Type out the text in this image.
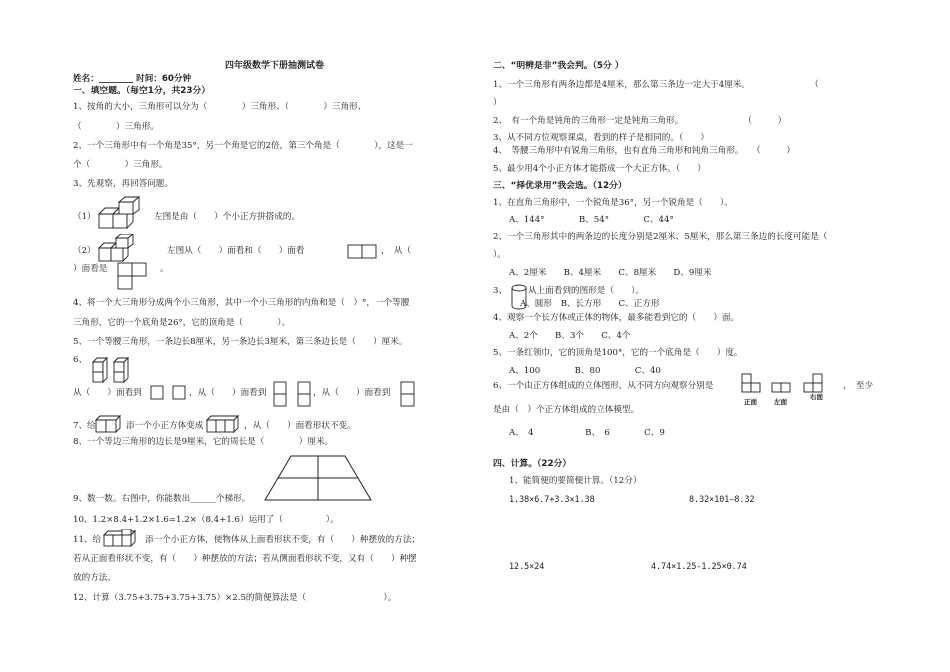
四年级数学下册抽测试卷
姓名：________ 时间：60分钟
一、填空题。（每空1分，共23分）
1、按角的大小，三角形可以分为（　　　　）三角形、（　　　　）三角形、
（　　　　）三角形。
2、一个三角形中有一个角是35°，另一个角是它的2倍，第三个角是（　　　　），这是一
个（　　　　）三角形。
3、先观察，再回答问题。
（1）	左图是由（　　）个小正方拼搭成的。
（2）	左图从（　　）面看和（　　）面看	，　从（
）面看是	。
4、将一个大三角形分成两个小三角形，其中一个小三角形的内角和是（　）°，一个等腰
三角形，它的一个底角是26°，它的顶角是（　　　　）。
5、一个等腰三角形，一条边长8厘米，另一条边长3厘米，第三条边长是（　　）厘米。
6、
从（　　）面看到	，从（　　）面看到	，从（　　）面看到
7、给	添一个小正方体变成	，从（　　）面看形状不变。
8、一个等边三角形的边长是9厘米，它的周长是（　　　　）厘米。
9、数一数。右图中，你能数出______个梯形。
10、1.2×8.4+1.2×1.6=1.2×（8.4+1.6）运用了（　　　　　）。
11、给	添一个小正方体，使物体从上面看形状不变，有（　　）种摆放的方法；
若从正面看形状不变，有（　　）种摆放的方法；若从侧面看形状不变，又有（　　）种摆
放的方法。
12、计算（3.75+3.75+3.75+3.75）×2.5的简便算法是（　　　　　　　　　）。
二、“明辨是非”我会判。（5分 ）
1、一个三角形有两条边都是4厘米，那么第三条边一定大于4厘米。　　　　　　　　（
）
2、　有一个角是钝角的三角形一定是钝角三角形。　　　　　　　　（　　　）
3、从不同方位观察课桌，看到的样子是相同的。（　　）
4、　等腰三角形中有锐角三角形，也有直角三角形和钝角三角形。　　（　　　）
5、最少用4个小正方体才能搭成一个大正方体。（　　）
三、“择优录用”我会选。（12分）
1、在直角三角形中，一个锐角是36°，另一个锐角是（　　）。
A、144°　　　　B、54°　　　　C、44°
2、一个三角形其中的两条边的长度分别是2厘米、5厘米，那么第三条边的长度可能是（
）。
A、2厘米　　B、4厘米　　C、8厘米　　D、9厘米
3、 从上面看到的图形是（　　）。
A、圆形　B、长方形　　C、正方形
4、观察一个长方体或正体的物体，最多能看到它的（　　）面。
A、2个　　B、3个　　C、4个
5、一条红领巾，它的顶角是100°，它的一个底角是（　　）度。
A、100　　　　B、80　　　　C、40
6、一个由正方体组成的立体图形，从不同方向观察分别是
正面	左面
右面
，　至少
是由（　）个正方体组成的立体模型。
A、　4　　　　　　B、　6　　　　C、9
四、计算。（22分）
1、能简便的要简便计算。（12分）
1.38×6.7+3.3×1.38	8.32×101—8.32
12.5×24	4.74×1.25-1.25×0.74
